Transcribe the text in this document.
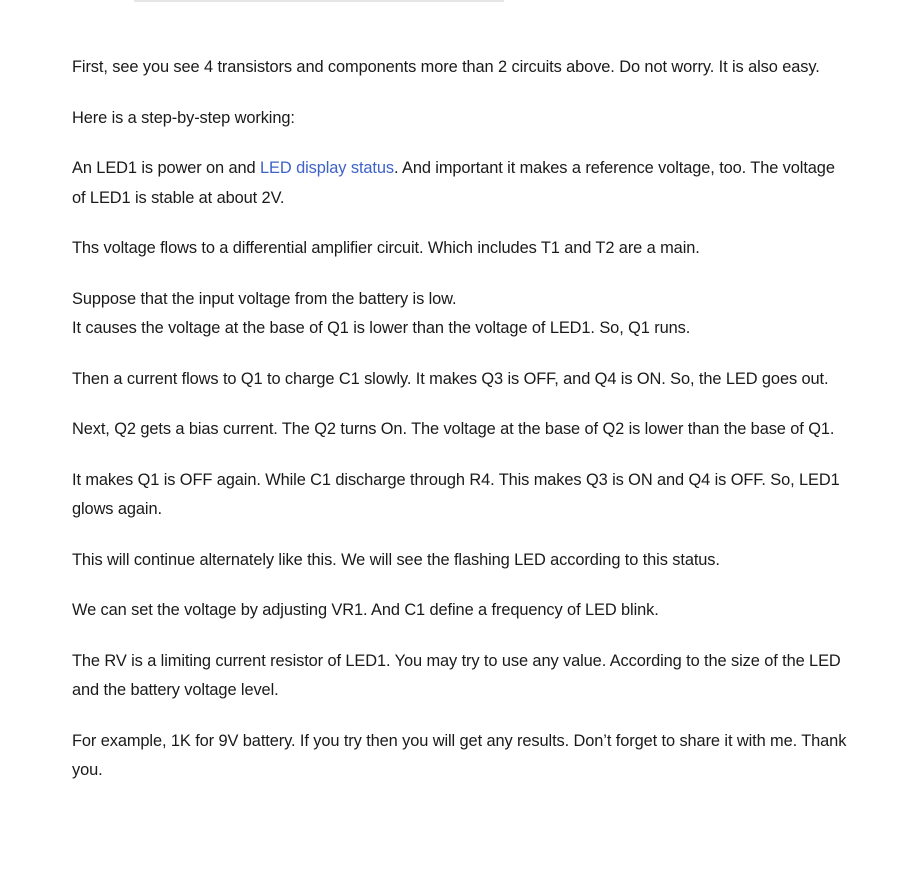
First, see you see 4 transistors and components more than 2 circuits above. Do not worry. It is also easy.

Here is a step-by-step working:

An LED1 is power on and LED display status. And important it makes a reference voltage, too. The voltage of LED1 is stable at about 2V.

Ths voltage flows to a differential amplifier circuit. Which includes T1 and T2 are a main.

Suppose that the input voltage from the battery is low.

It causes the voltage at the base of Q1 is lower than the voltage of LED1. So, Q1 runs.

Then a current flows to Q1 to charge C1 slowly. It makes Q3 is OFF, and Q4 is ON. So, the LED goes out.

Next, Q2 gets a bias current. The Q2 turns On. The voltage at the base of Q2 is lower than the base of Q1.

It makes Q1 is OFF again. While C1 discharge through R4. This makes Q3 is ON and Q4 is OFF. So, LED1 glows again.

This will continue alternately like this. We will see the flashing LED according to this status.

We can set the voltage by adjusting VR1. And C1 define a frequency of LED blink.

The RV is a limiting current resistor of LED1. You may try to use any value. According to the size of the LED and the battery voltage level.

For example, 1K for 9V battery. If you try then you will get any results. Don’t forget to share it with me. Thank you.
